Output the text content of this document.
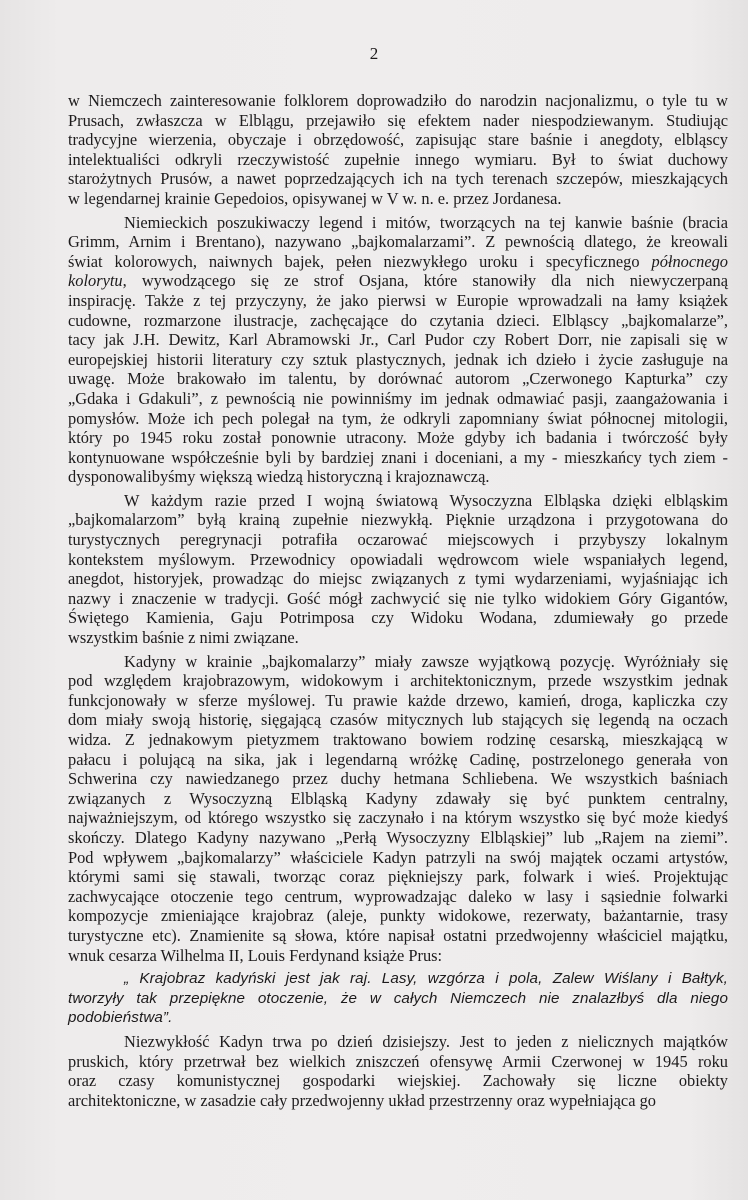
2
w Niemczech zainteresowanie folklorem doprowadziło do narodzin nacjonalizmu, o tyle tu w
Prusach, zwłaszcza w Elblągu, przejawiło się efektem nader niespodziewanym. Studiując
tradycyjne wierzenia, obyczaje i obrzędowość, zapisując stare baśnie i anegdoty, elbląscy
intelektualiści odkryli rzeczywistość zupełnie innego wymiaru. Był to świat duchowy
starożytnych Prusów, a nawet poprzedzających ich na tych terenach szczepów, mieszkających
w legendarnej krainie Gepedoios, opisywanej w V w. n. e. przez Jordanesa.
Niemieckich poszukiwaczy legend i mitów, tworzących na tej kanwie baśnie (bracia
Grimm, Arnim i Brentano), nazywano „bajkomalarzami”. Z pewnością dlatego, że kreowali
świat kolorowych, naiwnych bajek, pełen niezwykłego uroku i specyficznego północnego
kolorytu, wywodzącego się ze strof Osjana, które stanowiły dla nich niewyczerpaną
inspirację. Także z tej przyczyny, że jako pierwsi w Europie wprowadzali na łamy książek
cudowne, rozmarzone ilustracje, zachęcające do czytania dzieci. Elbląscy „bajkomalarze”,
tacy jak J.H. Dewitz, Karl Abramowski Jr., Carl Pudor czy Robert Dorr, nie zapisali się w
europejskiej historii literatury czy sztuk plastycznych, jednak ich dzieło i życie zasługuje na
uwagę. Może brakowało im talentu, by dorównać autorom „Czerwonego Kapturka” czy
„Gdaka i Gdakuli”, z pewnością nie powinniśmy im jednak odmawiać pasji, zaangażowania i
pomysłów. Może ich pech polegał na tym, że odkryli zapomniany świat północnej mitologii,
który po 1945 roku został ponownie utracony. Może gdyby ich badania i twórczość były
kontynuowane współcześnie byli by bardziej znani i doceniani, a my - mieszkańcy tych ziem -
dysponowalibyśmy większą wiedzą historyczną i krajoznawczą.
W każdym razie przed I wojną światową Wysoczyzna Elbląska dzięki elbląskim
„bajkomalarzom” byłą krainą zupełnie niezwykłą. Pięknie urządzona i przygotowana do
turystycznych peregrynacji potrafiła oczarować miejscowych i przybyszy lokalnym
kontekstem myślowym. Przewodnicy opowiadali wędrowcom wiele wspaniałych legend,
anegdot, historyjek, prowadząc do miejsc związanych z tymi wydarzeniami, wyjaśniając ich
nazwy i znaczenie w tradycji. Gość mógł zachwycić się nie tylko widokiem Góry Gigantów,
Świętego Kamienia, Gaju Potrimposa czy Widoku Wodana, zdumiewały go przede
wszystkim baśnie z nimi związane.
Kadyny w krainie „bajkomalarzy” miały zawsze wyjątkową pozycję. Wyróżniały się
pod względem krajobrazowym, widokowym i architektonicznym, przede wszystkim jednak
funkcjonowały w sferze myślowej. Tu prawie każde drzewo, kamień, droga, kapliczka czy
dom miały swoją historię, sięgającą czasów mitycznych lub stających się legendą na oczach
widza. Z jednakowym pietyzmem traktowano bowiem rodzinę cesarską, mieszkającą w
pałacu i polującą na sika, jak i legendarną wróżkę Cadinę, postrzelonego generała von
Schwerina czy nawiedzanego przez duchy hetmana Schliebena. We wszystkich baśniach
związanych z Wysoczyzną Elbląską Kadyny zdawały się być punktem centralny,
najważniejszym, od którego wszystko się zaczynało i na którym wszystko się być może kiedyś
skończy. Dlatego Kadyny nazywano „Perłą Wysoczyzny Elbląskiej” lub „Rajem na ziemi”.
Pod wpływem „bajkomalarzy” właściciele Kadyn patrzyli na swój majątek oczami artystów,
którymi sami się stawali, tworząc coraz piękniejszy park, folwark i wieś. Projektując
zachwycające otoczenie tego centrum, wyprowadzając daleko w lasy i sąsiednie folwarki
kompozycje zmieniające krajobraz (aleje, punkty widokowe, rezerwaty, bażantarnie, trasy
turystyczne etc). Znamienite są słowa, które napisał ostatni przedwojenny właściciel majątku,
wnuk cesarza Wilhelma II, Louis Ferdynand książe Prus:
„ Krajobraz kadyński jest jak raj. Lasy, wzgórza i pola, Zalew Wiślany i Bałtyk,
tworzyły tak przepiękne otoczenie, że w całych Niemczech nie znalazłbyś dla niego
podobieństwa”.
Niezwykłość Kadyn trwa po dzień dzisiejszy. Jest to jeden z nielicznych majątków
pruskich, który przetrwał bez wielkich zniszczeń ofensywę Armii Czerwonej w 1945 roku
oraz czasy komunistycznej gospodarki wiejskiej. Zachowały się liczne obiekty
architektoniczne, w zasadzie cały przedwojenny układ przestrzenny oraz wypełniająca go
